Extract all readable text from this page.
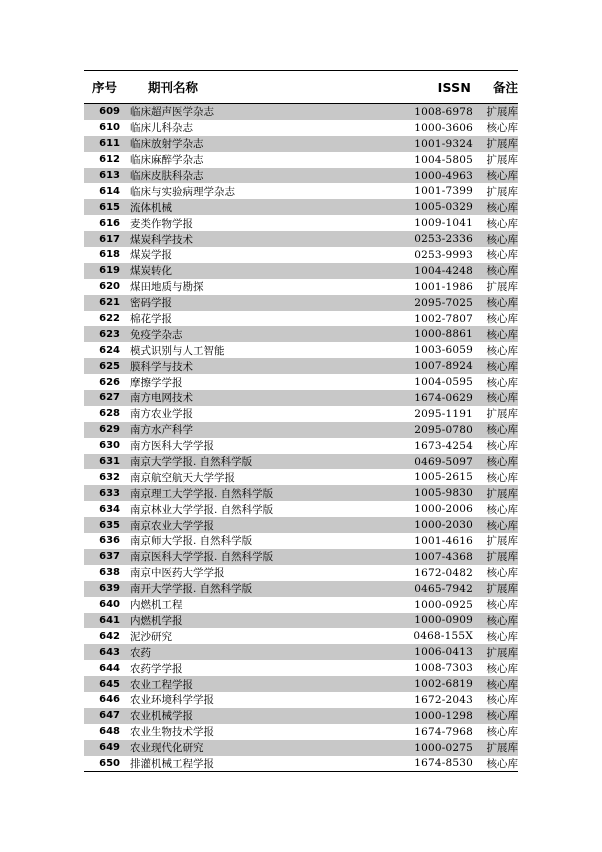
序号	期刊名称	ISSN	备注
609 临床超声医学杂志	1008-6978	扩展库
610 临床儿科杂志	1000-3606	核心库
611 临床放射学杂志	1001-9324	扩展库
612 临床麻醉学杂志	1004-5805	扩展库
613 临床皮肤科杂志	1000-4963	核心库
614 临床与实验病理学杂志	1001-7399	扩展库
615 流体机械	1005-0329	核心库
616 麦类作物学报	1009-1041	核心库
617 煤炭科学技术	0253-2336	核心库
618 煤炭学报	0253-9993	核心库
619 煤炭转化	1004-4248	核心库
620 煤田地质与勘探	1001-1986	扩展库
621 密码学报	2095-7025	核心库
622 棉花学报	1002-7807	核心库
623 免疫学杂志	1000-8861	核心库
624 模式识别与人工智能	1003-6059	核心库
625 膜科学与技术	1007-8924	核心库
626 摩擦学学报	1004-0595	核心库
627 南方电网技术	1674-0629	核心库
628 南方农业学报	2095-1191	扩展库
629 南方水产科学	2095-0780	核心库
630 南方医科大学学报	1673-4254	核心库
631 南京大学学报. 自然科学版	0469-5097	核心库
632 南京航空航天大学学报	1005-2615	核心库
633 南京理工大学学报. 自然科学版	1005-9830	扩展库
634 南京林业大学学报. 自然科学版	1000-2006	核心库
635 南京农业大学学报	1000-2030	核心库
636 南京师大学报. 自然科学版	1001-4616	扩展库
637 南京医科大学学报. 自然科学版	1007-4368	扩展库
638 南京中医药大学学报	1672-0482	核心库
639 南开大学学报. 自然科学版	0465-7942	扩展库
640 内燃机工程	1000-0925	核心库
641 内燃机学报	1000-0909	核心库
642 泥沙研究	0468-155X	核心库
643 农药	1006-0413	扩展库
644 农药学学报	1008-7303	核心库
645 农业工程学报	1002-6819	核心库
646 农业环境科学学报	1672-2043	核心库
647 农业机械学报	1000-1298	核心库
648 农业生物技术学报	1674-7968	核心库
649 农业现代化研究	1000-0275	扩展库
650 排灌机械工程学报	1674-8530	核心库
